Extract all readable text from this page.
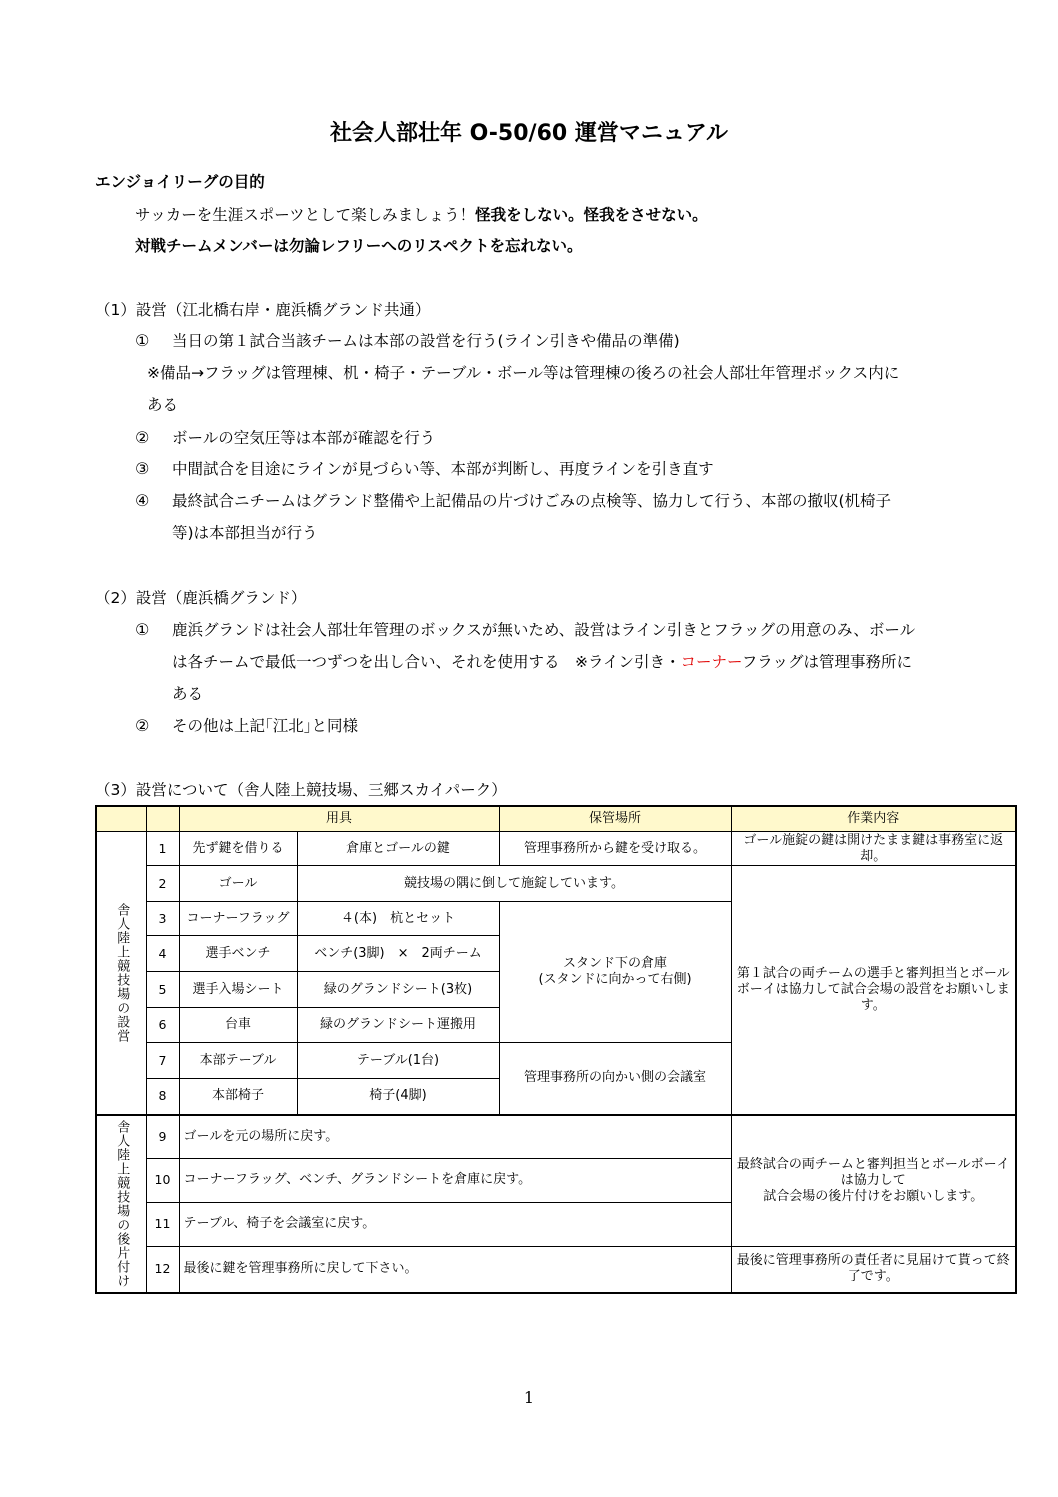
社会人部壮年 O-50/60 運営マニュアル
エンジョイリーグの目的
サッカーを生涯スポーツとして楽しみましょう！怪我をしない。怪我をさせない。
対戦チームメンバーは勿論レフリーへのリスペクトを忘れない。
（1）設営（江北橋右岸・鹿浜橋グランド共通）
① 当日の第１試合当該チームは本部の設営を行う(ライン引きや備品の準備)
※備品→フラッグは管理棟、机・椅子・テーブル・ボール等は管理棟の後ろの社会人部壮年管理ボックス内に
ある
② ボールの空気圧等は本部が確認を行う
③ 中間試合を目途にラインが見づらい等、本部が判断し、再度ラインを引き直す
④ 最終試合ニチームはグランド整備や上記備品の片づけごみの点検等、協力して行う、本部の撤収(机椅子
等)は本部担当が行う
（2）設営（鹿浜橋グランド）
① 鹿浜グランドは社会人部壮年管理のボックスが無いため、設営はライン引きとフラッグの用意のみ、ボール
は各チームで最低一つずつを出し合い、それを使用する　※ライン引き・コーナーフラッグは管理事務所に
ある
② その他は上記｢江北｣と同様
（3）設営について（舎人陸上競技場、三郷スカイパーク）
		用具		保管場所	作業内容
舎人陸上競技場の設営	1	先ず鍵を借りる	倉庫とゴールの鍵	管理事務所から鍵を受け取る。	ゴール施錠の鍵は開けたまま鍵は事務室に返却。
	2	ゴール	競技場の隅に倒して施錠しています。		第１試合の両チームの選手と審判担当とボールボーイは協力して試合会場の設営をお願いします。
	3	コーナーフラッグ	４(本)　杭とセット	スタンド下の倉庫
(スタンドに向かって右側)	

	4	選手ベンチ	ベンチ(3脚)　×　2両チーム		
	5	選手入場シート	緑のグランドシート(3枚)		
	6	台車	緑のグランドシート運搬用		
	7	本部テーブル	テーブル(1台)	管理事務所の向かい側の会議室	
	8	本部椅子	椅子(4脚)		
舎人陸上競技場の後片付け	9	ゴールを元の場所に戻す。			最終試合の両チームと審判担当とボールボーイは協力して
試合会場の後片付けをお願いします。

	10	コーナーフラッグ、ベンチ、グランドシートを倉庫に戻す。			
	11	テーブル、椅子を会議室に戻す。			
	12	最後に鍵を管理事務所に戻して下さい。			最後に管理事務所の責任者に見届けて貰って終了です。
1
